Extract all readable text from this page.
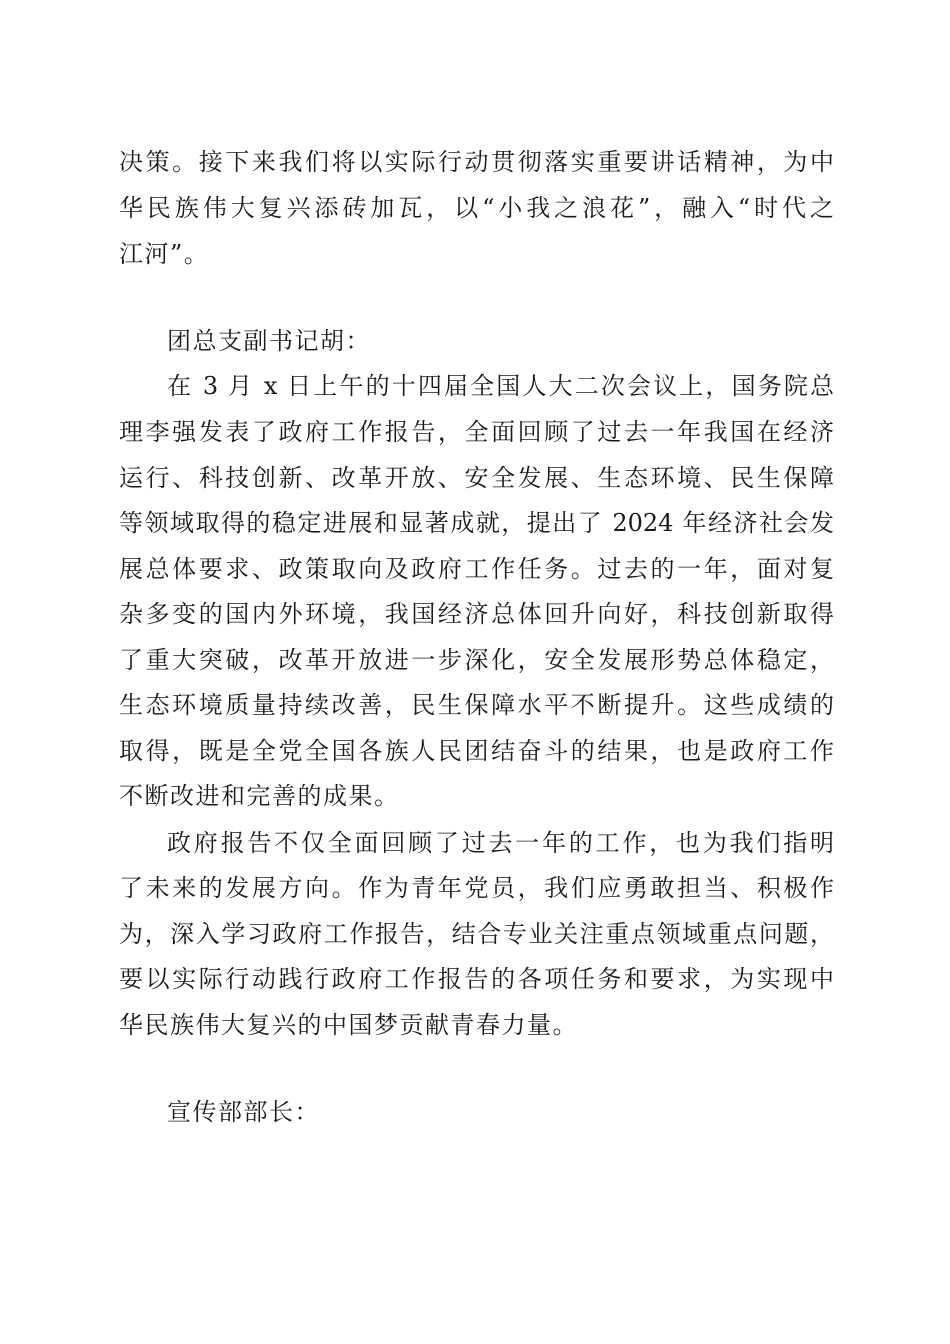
决策。接下来我们将以实际行动贯彻落实重要讲话精神，为中
华民族伟大复兴添砖加瓦，以“小我之浪花”，融入“时代之
江河”。
团总支副书记胡：
在 3 月 x 日上午的十四届全国人大二次会议上，国务院总
理李强发表了政府工作报告，全面回顾了过去一年我国在经济
运行、科技创新、改革开放、安全发展、生态环境、民生保障
等领域取得的稳定进展和显著成就，提出了 2024 年经济社会发
展总体要求、政策取向及政府工作任务。过去的一年，面对复
杂多变的国内外环境，我国经济总体回升向好，科技创新取得
了重大突破，改革开放进一步深化，安全发展形势总体稳定，
生态环境质量持续改善，民生保障水平不断提升。这些成绩的
取得，既是全党全国各族人民团结奋斗的结果，也是政府工作
不断改进和完善的成果。
政府报告不仅全面回顾了过去一年的工作，也为我们指明
了未来的发展方向。作为青年党员，我们应勇敢担当、积极作
为，深入学习政府工作报告，结合专业关注重点领域重点问题，
要以实际行动践行政府工作报告的各项任务和要求，为实现中
华民族伟大复兴的中国梦贡献青春力量。
宣传部部长：
